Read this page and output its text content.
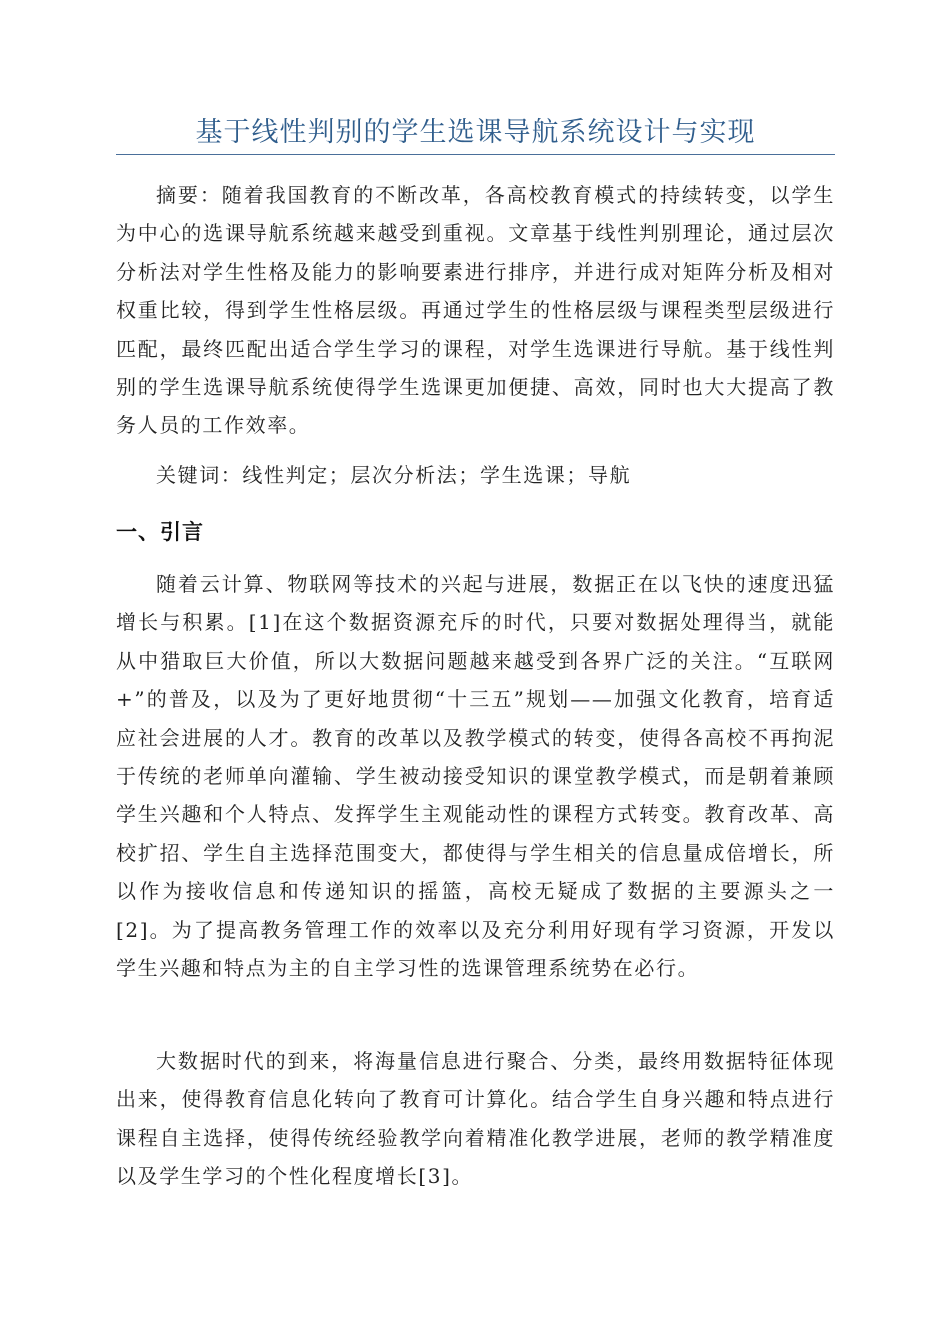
基于线性判别的学生选课导航系统设计与实现

摘要：随着我国教育的不断改革，各高校教育模式的持续转变，以学生为中心的选课导航系统越来越受到重视。文章基于线性判别理论，通过层次分析法对学生性格及能力的影响要素进行排序，并进行成对矩阵分析及相对权重比较，得到学生性格层级。再通过学生的性格层级与课程类型层级进行匹配，最终匹配出适合学生学习的课程，对学生选课进行导航。基于线性判别的学生选课导航系统使得学生选课更加便捷、高效，同时也大大提高了教务人员的工作效率。

关键词：线性判定；层次分析法；学生选课；导航

一、引言

随着云计算、物联网等技术的兴起与进展，数据正在以飞快的速度迅猛增长与积累。[1]在这个数据资源充斥的时代，只要对数据处理得当，就能从中猎取巨大价值，所以大数据问题越来越受到各界广泛的关注。“互联网+”的普及，以及为了更好地贯彻“十三五”规划——加强文化教育，培育适应社会进展的人才。教育的改革以及教学模式的转变，使得各高校不再拘泥于传统的老师单向灌输、学生被动接受知识的课堂教学模式，而是朝着兼顾学生兴趣和个人特点、发挥学生主观能动性的课程方式转变。教育改革、高校扩招、学生自主选择范围变大，都使得与学生相关的信息量成倍增长，所以作为接收信息和传递知识的摇篮，高校无疑成了数据的主要源头之一[2]。为了提高教务管理工作的效率以及充分利用好现有学习资源，开发以学生兴趣和特点为主的自主学习性的选课管理系统势在必行。

大数据时代的到来，将海量信息进行聚合、分类，最终用数据特征体现出来，使得教育信息化转向了教育可计算化。结合学生自身兴趣和特点进行课程自主选择，使得传统经验教学向着精准化教学进展，老师的教学精准度以及学生学习的个性化程度增长[3]。
